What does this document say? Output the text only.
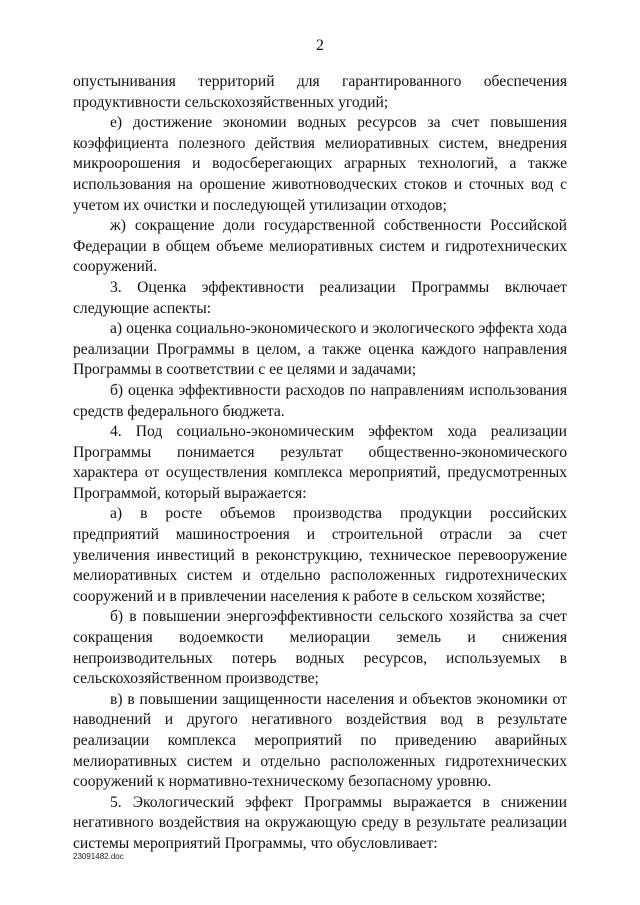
2

опустынивания территорий для гарантированного обеспечения продуктивности сельскохозяйственных угодий;

е) достижение экономии водных ресурсов за счет повышения коэффициента полезного действия мелиоративных систем, внедрения микроорошения и водосберегающих аграрных технологий, а также использования на орошение животноводческих стоков и сточных вод с учетом их очистки и последующей утилизации отходов;

ж) сокращение доли государственной собственности Российской Федерации в общем объеме мелиоративных систем и гидротехнических сооружений.

3. Оценка эффективности реализации Программы включает следующие аспекты:

а) оценка социально-экономического и экологического эффекта хода реализации Программы в целом, а также оценка каждого направления Программы в соответствии с ее целями и задачами;

б) оценка эффективности расходов по направлениям использования средств федерального бюджета.

4. Под социально-экономическим эффектом хода реализации Программы понимается результат общественно-экономического характера от осуществления комплекса мероприятий, предусмотренных Программой, который выражается:

а) в росте объемов производства продукции российских предприятий машиностроения и строительной отрасли за счет увеличения инвестиций в реконструкцию, техническое перевооружение мелиоративных систем и отдельно расположенных гидротехнических сооружений и в привлечении населения к работе в сельском хозяйстве;

б) в повышении энергоэффективности сельского хозяйства за счет сокращения водоемкости мелиорации земель и снижения непроизводительных потерь водных ресурсов, используемых в сельскохозяйственном производстве;

в) в повышении защищенности населения и объектов экономики от наводнений и другого негативного воздействия вод в результате реализации комплекса мероприятий по приведению аварийных мелиоративных систем и отдельно расположенных гидротехнических сооружений к нормативно-техническому безопасному уровню.

5. Экологический эффект Программы выражается в снижении негативного воздействия на окружающую среду в результате реализации системы мероприятий Программы, что обусловливает:

23091482.doc
